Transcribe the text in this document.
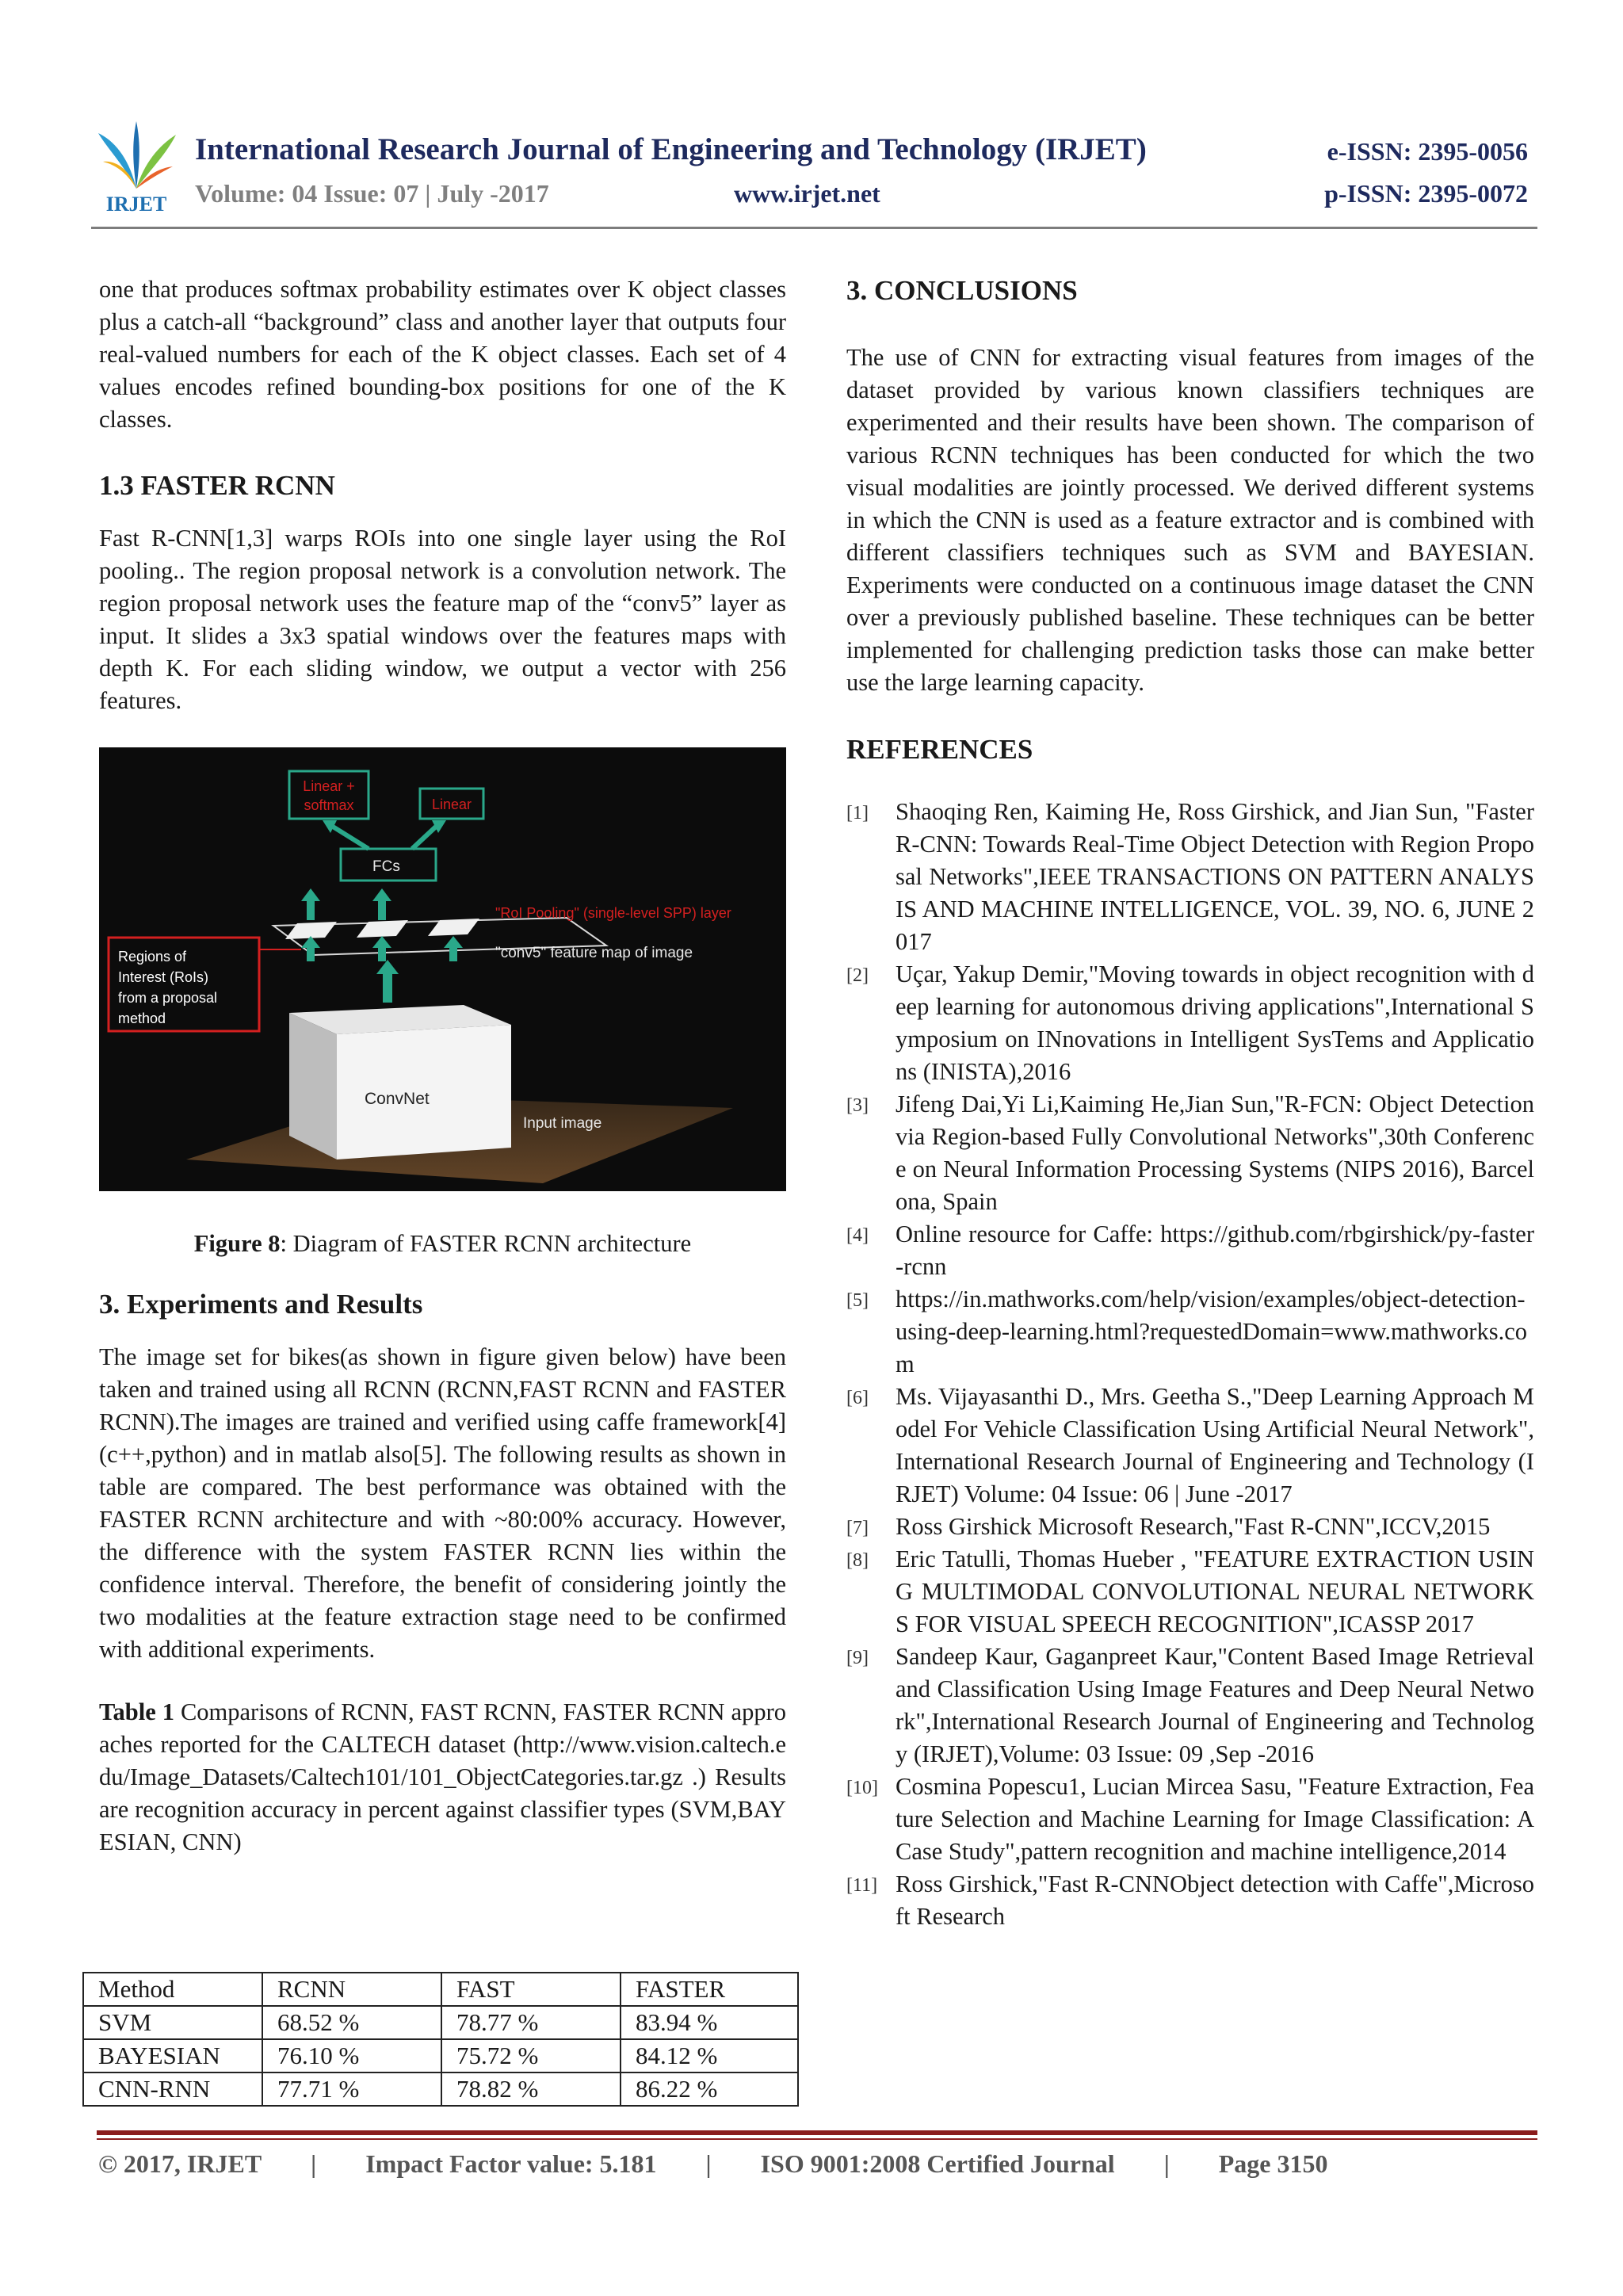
IRJET
International Research Journal of Engineering and Technology (IRJET)
Volume: 04 Issue: 07 | July -2017	www.irjet.net
e-ISSN: 2395-0056
p-ISSN: 2395-0072

one that produces softmax probability estimates over K object classes plus a catch-all “background” class and another layer that outputs four real-valued numbers for each of the K object classes. Each set of 4 values encodes refined bounding-box positions for one of the K classes.

1.3 FASTER RCNN

Fast R-CNN[1,3] warps ROIs into one single layer using the RoI pooling.. The region proposal network is a convolution network. The region proposal network uses the feature map of the “conv5” layer as input. It slides a 3x3 spatial windows over the features maps with depth K. For each sliding window, we output a vector with 256 features.

ConvNet
FCs
Linear +
softmax	Linear
"RoI Pooling" (single-level SPP) layer
"conv5" feature map of image
Regions of
Interest (RoIs)
from a proposal
method
Input image

Figure 8: Diagram of FASTER RCNN architecture

3. Experiments and Results

The image set for bikes(as shown in figure given below) have been taken and trained using all RCNN (RCNN,FAST RCNN and FASTER RCNN).The images are trained and verified using caffe framework[4](c++,python) and in matlab also[5]. The following results as shown in table are compared. The best performance was obtained with the FASTER RCNN architecture and with ~80:00% accuracy. However, the difference with the system FASTER RCNN lies within the confidence interval. Therefore, the benefit of considering jointly the two modalities at the feature extraction stage need to be confirmed with additional experiments.

Table 1 Comparisons of RCNN, FAST RCNN, FASTER RCNN approaches reported for the CALTECH dataset (http://www.vision.caltech.edu/Image_Datasets/Caltech101/101_ObjectCategories.tar.gz .) Results are recognition accuracy in percent against classifier types (SVM,BAYESIAN, CNN)

Method	RCNN	FAST	FASTER
SVM	68.52 %	78.77 %	83.94 %
BAYESIAN	76.10 %	75.72 %	84.12 %
CNN-RNN	77.71 %	78.82 %	86.22 %
3. CONCLUSIONS

The use of CNN for extracting visual features from images of the dataset provided by various known classifiers techniques are experimented and their results have been shown. The comparison of various RCNN techniques has been conducted for which the two visual modalities are jointly processed. We derived different systems in which the CNN is used as a feature extractor and is combined with different classifiers techniques such as SVM and BAYESIAN. Experiments were conducted on a continuous image dataset the CNN over a previously published baseline. These techniques can be better implemented for challenging prediction tasks those can make better use the large learning capacity.

REFERENCES
[1] Shaoqing Ren, Kaiming He, Ross Girshick, and Jian Sun, "Faster R-CNN: Towards Real-Time Object Detection with Region Proposal Networks",IEEE TRANSACTIONS ON PATTERN ANALYSIS AND MACHINE INTELLIGENCE, VOL. 39, NO. 6, JUNE 2017
[2] Uçar, Yakup Demir,"Moving towards in object recognition with deep learning for autonomous driving applications",International Symposium on INnovations in Intelligent SysTems and Applications (INISTA),2016
[3] Jifeng Dai,Yi Li,Kaiming He,Jian Sun,"R-FCN: Object Detection via Region-based Fully Convolutional Networks",30th Conference on Neural Information Processing Systems (NIPS 2016), Barcelona, Spain
[4] Online resource for Caffe: https://github.com/rbgirshick/py-faster-rcnn
[5] https://in.mathworks.com/help/vision/examples/object-detection-using-deep-learning.html?requestedDomain=www.mathworks.com
[6] Ms. Vijayasanthi D., Mrs. Geetha S.,"Deep Learning Approach Model For Vehicle Classification Using Artificial Neural Network",International Research Journal of Engineering and Technology (IRJET) Volume: 04 Issue: 06 | June -2017
[7] Ross Girshick Microsoft Research,"Fast R-CNN",ICCV,2015
[8] Eric Tatulli, Thomas Hueber , "FEATURE EXTRACTION USING MULTIMODAL CONVOLUTIONAL NEURAL NETWORKS FOR VISUAL SPEECH RECOGNITION",ICASSP 2017
[9] Sandeep Kaur, Gaganpreet Kaur,"Content Based Image Retrieval and Classification Using Image Features and Deep Neural Network",International Research Journal of Engineering and Technology (IRJET),Volume: 03 Issue: 09 ,Sep -2016
[10] Cosmina Popescu1, Lucian Mircea Sasu, "Feature Extraction, Feature Selection and Machine Learning for Image Classification: A Case Study",pattern recognition and machine intelligence,2014
[11] Ross Girshick,"Fast R-CNNObject detection with Caffe",Microsoft Research
© 2017, IRJET | Impact Factor value: 5.181 | ISO 9001:2008 Certified Journal | Page 3150
